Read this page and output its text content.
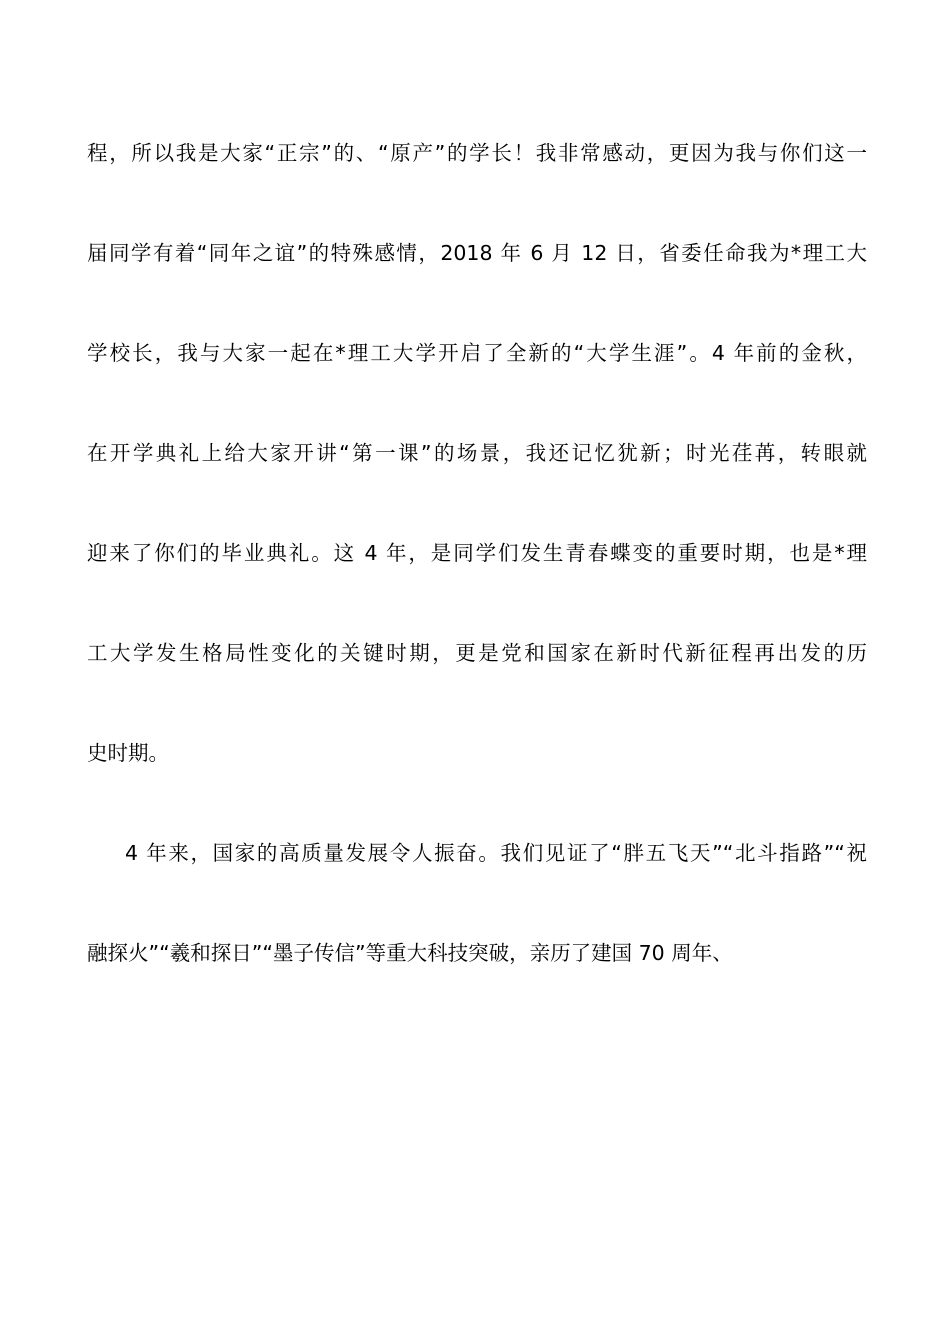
程，所以我是大家“正宗”的、“原产”的学长！我非常感动，更因为我与你们这一
届同学有着“同年之谊”的特殊感情，2018 年 6 月 12 日，省委任命我为*理工大
学校长，我与大家一起在*理工大学开启了全新的“大学生涯”。4 年前的金秋，
在开学典礼上给大家开讲“第一课”的场景，我还记忆犹新；时光荏苒，转眼就
迎来了你们的毕业典礼。这 4 年，是同学们发生青春蝶变的重要时期，也是*理
工大学发生格局性变化的关键时期，更是党和国家在新时代新征程再出发的历
史时期。
4 年来，国家的高质量发展令人振奋。我们见证了“胖五飞天”“北斗指路”“祝
融探火”“羲和探日”“墨子传信”等重大科技突破，亲历了建国 70 周年、
